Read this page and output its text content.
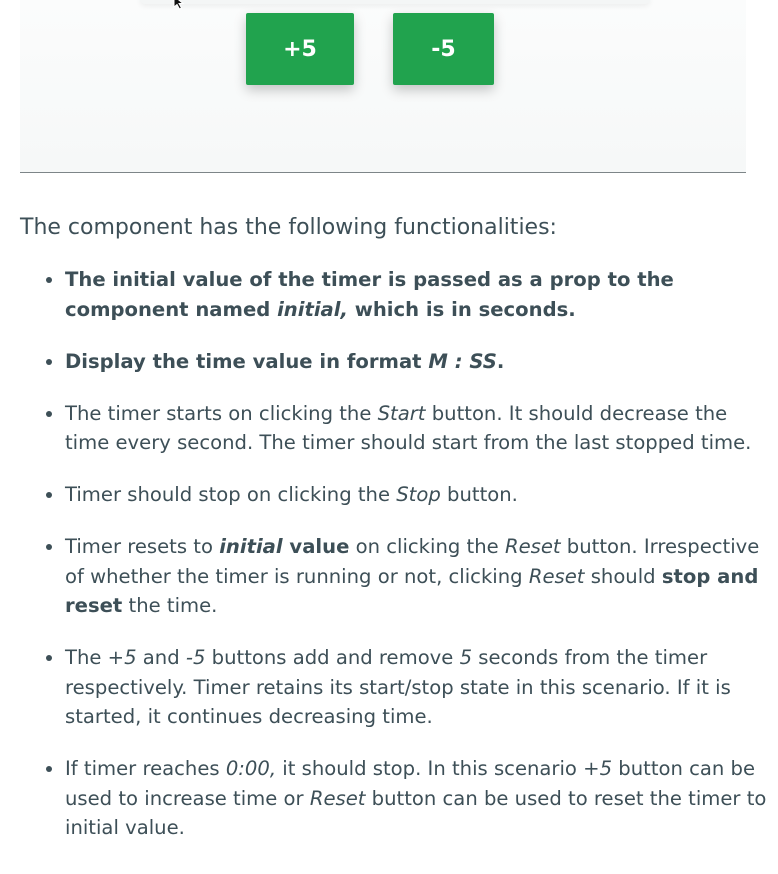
+5	-5
The component has the following functionalities:
• The initial value of the timer is passed as a prop to the component named initial, which is in seconds.
• Display the time value in format M : SS.
• The timer starts on clicking the Start button. It should decrease the time every second. The timer should start from the last stopped time.
• Timer should stop on clicking the Stop button.
• Timer resets to initial value on clicking the Reset button. Irrespective of whether the timer is running or not, clicking Reset should stop and reset the time.
• The +5 and -5 buttons add and remove 5 seconds from the timer respectively. Timer retains its start/stop state in this scenario. If it is started, it continues decreasing time.
• If timer reaches 0:00, it should stop. In this scenario +5 button can be used to increase time or Reset button can be used to reset the timer to initial value.
